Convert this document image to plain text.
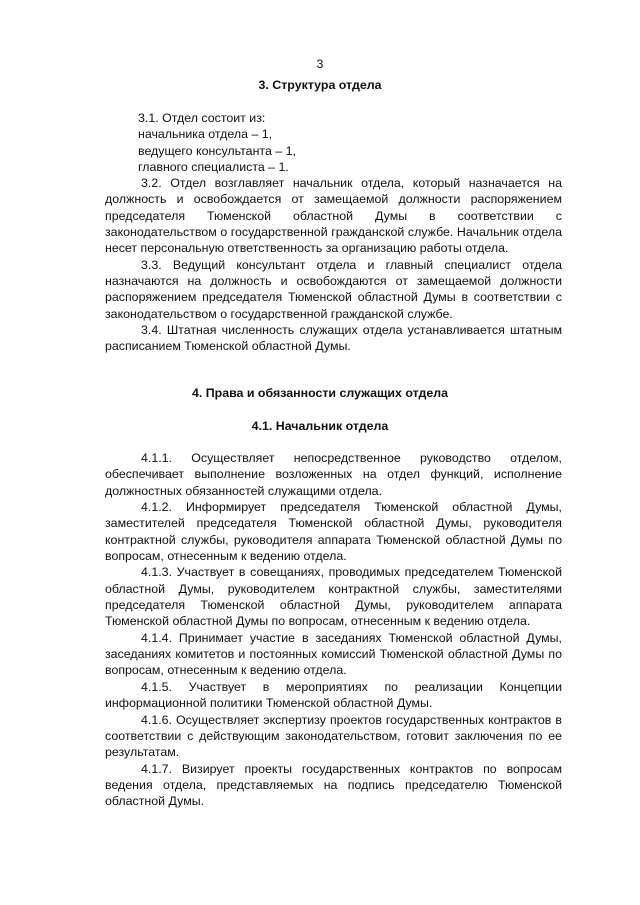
3
3. Структура отдела

3.1. Отдел состоит из:

начальника отдела – 1,

ведущего консультанта – 1,

главного специалиста – 1.

3.2. Отдел возглавляет начальник отдела, который назначается на должность и освобождается от замещаемой должности распоряжением председателя Тюменской областной Думы в соответствии с законодательством о государственной гражданской службе. Начальник отдела несет персональную ответственность за организацию работы отдела.

3.3. Ведущий консультант отдела и главный специалист отдела назначаются на должность и освобождаются от замещаемой должности распоряжением председателя Тюменской областной Думы в соответствии с законодательством о государственной гражданской службе.

3.4. Штатная численность служащих отдела устанавливается штатным расписанием Тюменской областной Думы.

4. Права и обязанности служащих отдела
4.1. Начальник отдела

4.1.1. Осуществляет непосредственное руководство отделом, обеспечивает выполнение возложенных на отдел функций, исполнение должностных обязанностей служащими отдела.

4.1.2. Информирует председателя Тюменской областной Думы, заместителей председателя Тюменской областной Думы, руководителя контрактной службы, руководителя аппарата Тюменской областной Думы по вопросам, отнесенным к ведению отдела.

4.1.3. Участвует в совещаниях, проводимых председателем Тюменской областной Думы, руководителем контрактной службы, заместителями председателя Тюменской областной Думы, руководителем аппарата Тюменской областной Думы по вопросам, отнесенным к ведению отдела.

4.1.4. Принимает участие в заседаниях Тюменской областной Думы, заседаниях комитетов и постоянных комиссий Тюменской областной Думы по вопросам, отнесенным к ведению отдела.

4.1.5. Участвует в мероприятиях по реализации Концепции информационной политики Тюменской областной Думы.

4.1.6. Осуществляет экспертизу проектов государственных контрактов в соответствии с действующим законодательством, готовит заключения по ее результатам.

4.1.7. Визирует проекты государственных контрактов по вопросам ведения отдела, представляемых на подпись председателю Тюменской областной Думы.
